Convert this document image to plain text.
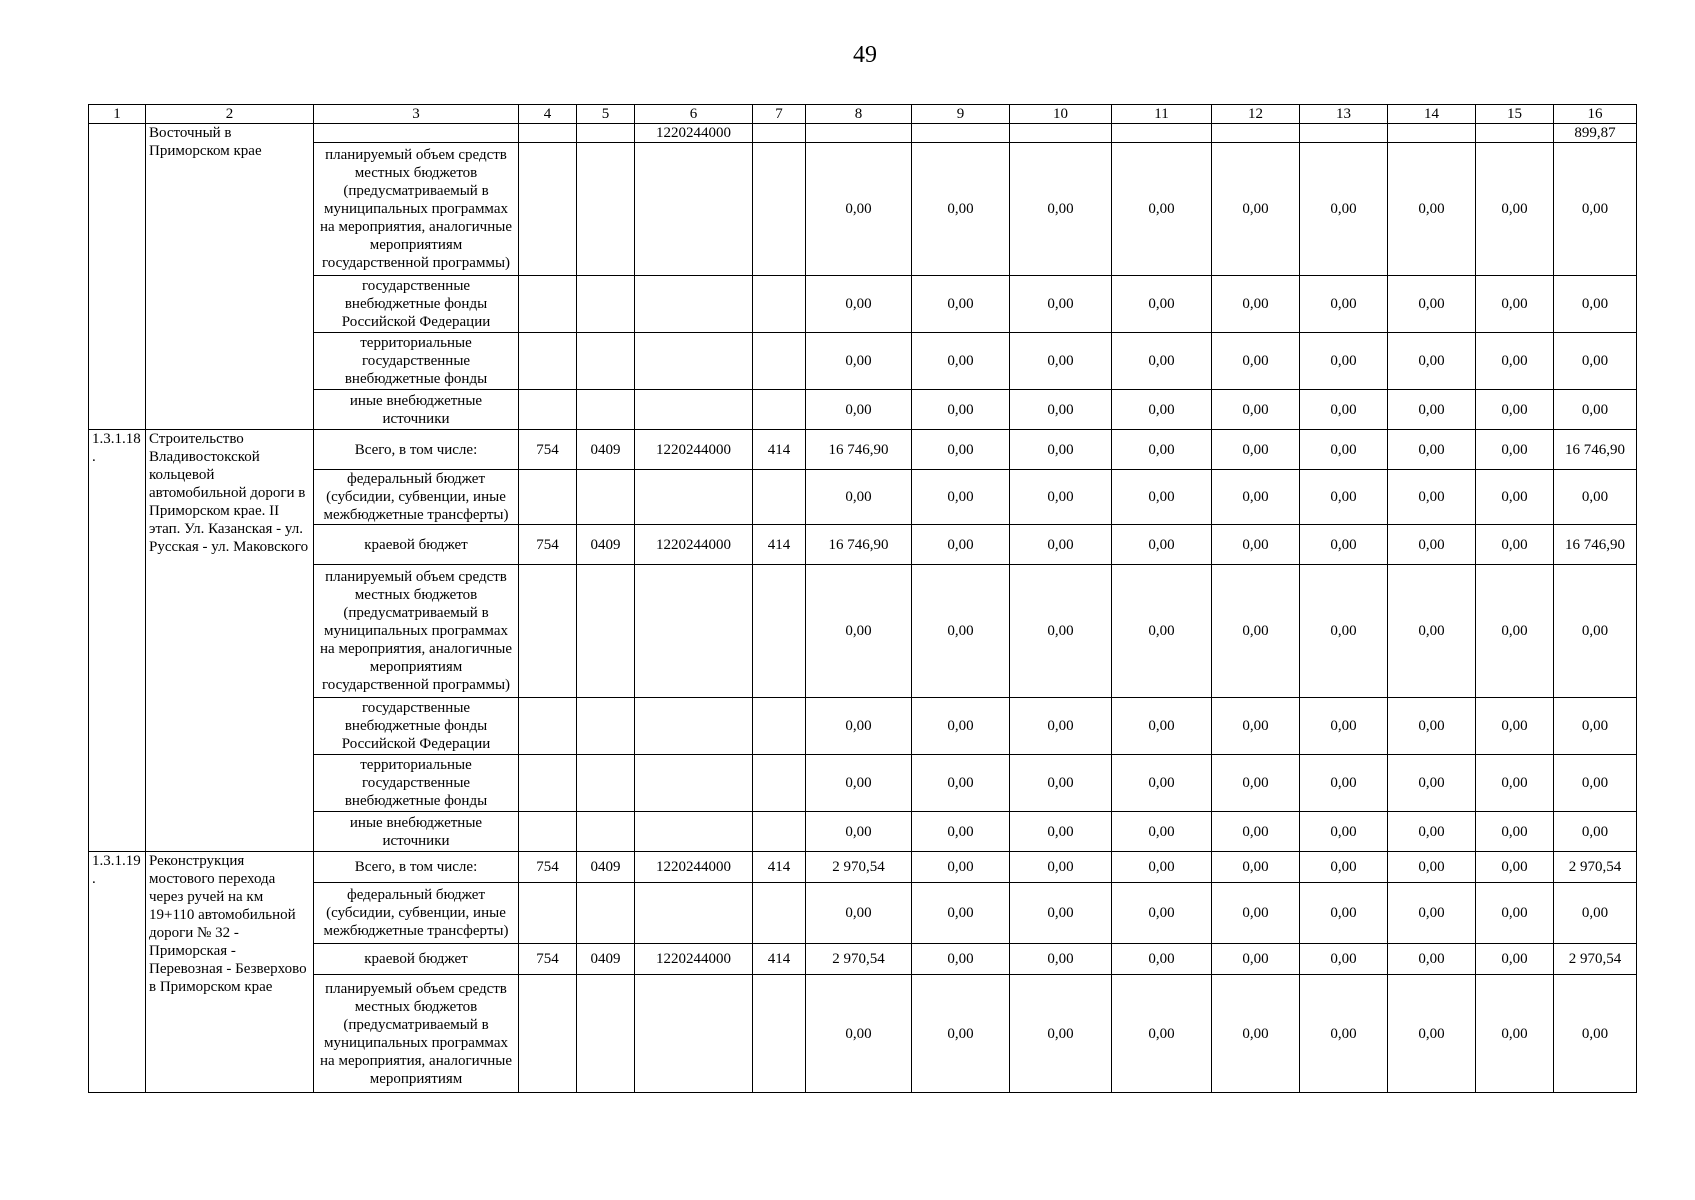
49
1	2	3	4	5	6	7	8	9	10	11	12	13	14	15	16
	Восточный в Приморском крае				1220244000										899,87
		планируемый объем средств местных бюджетов (предусматриваемый в муниципальных программах на мероприятия, аналогичные мероприятиям государственной программы)					0,00	0,00	0,00	0,00	0,00	0,00	0,00	0,00	0,00
		государственные внебюджетные фонды Российской Федерации					0,00	0,00	0,00	0,00	0,00	0,00	0,00	0,00	0,00
		территориальные государственные внебюджетные фонды					0,00	0,00	0,00	0,00	0,00	0,00	0,00	0,00	0,00
		иные внебюджетные источники					0,00	0,00	0,00	0,00	0,00	0,00	0,00	0,00	0,00
1.3.1.18 .	Строительство Владивостокской кольцевой автомобильной дороги в Приморском крае. II этап. Ул. Казанская - ул. Русская - ул. Маковского	Всего, в том числе:	754	0409	1220244000	414	16 746,90	0,00	0,00	0,00	0,00	0,00	0,00	0,00	16 746,90
		федеральный бюджет (субсидии, субвенции, иные межбюджетные трансферты)					0,00	0,00	0,00	0,00	0,00	0,00	0,00	0,00	0,00
		краевой бюджет	754	0409	1220244000	414	16 746,90	0,00	0,00	0,00	0,00	0,00	0,00	0,00	16 746,90
		планируемый объем средств местных бюджетов (предусматриваемый в муниципальных программах на мероприятия, аналогичные мероприятиям государственной программы)					0,00	0,00	0,00	0,00	0,00	0,00	0,00	0,00	0,00
		государственные внебюджетные фонды Российской Федерации					0,00	0,00	0,00	0,00	0,00	0,00	0,00	0,00	0,00
		территориальные государственные внебюджетные фонды					0,00	0,00	0,00	0,00	0,00	0,00	0,00	0,00	0,00
		иные внебюджетные источники					0,00	0,00	0,00	0,00	0,00	0,00	0,00	0,00	0,00
1.3.1.19 .	Реконструкция мостового перехода через ручей на км 19+110 автомобильной дороги № 32 - Приморская - Перевозная - Безверхово в Приморском крае	Всего, в том числе:	754	0409	1220244000	414	2 970,54	0,00	0,00	0,00	0,00	0,00	0,00	0,00	2 970,54
		федеральный бюджет (субсидии, субвенции, иные межбюджетные трансферты)					0,00	0,00	0,00	0,00	0,00	0,00	0,00	0,00	0,00
		краевой бюджет	754	0409	1220244000	414	2 970,54	0,00	0,00	0,00	0,00	0,00	0,00	0,00	2 970,54
		планируемый объем средств местных бюджетов (предусматриваемый в муниципальных программах на мероприятия, аналогичные мероприятиям					0,00	0,00	0,00	0,00	0,00	0,00	0,00	0,00	0,00
